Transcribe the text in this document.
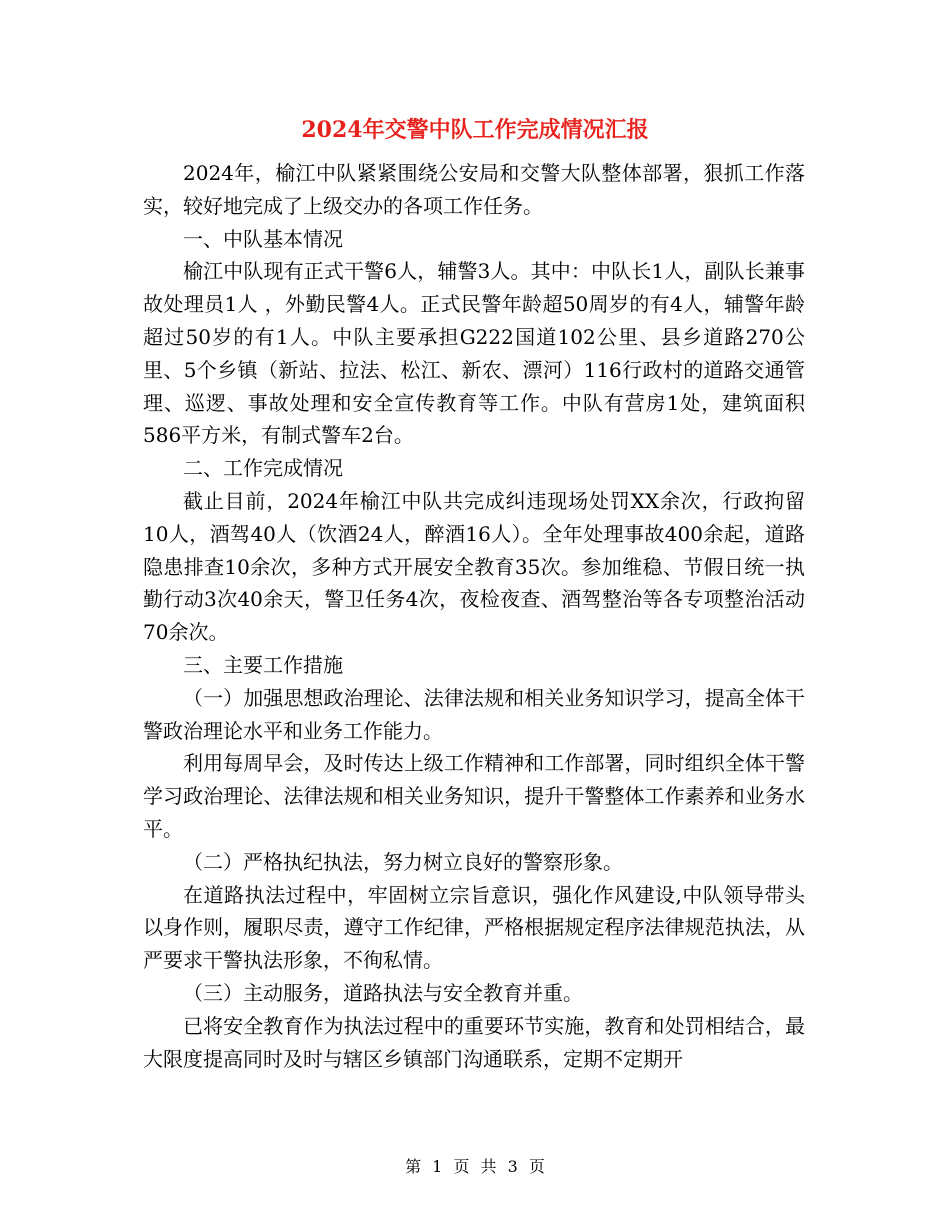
2024年交警中队工作完成情况汇报

2024年，榆江中队紧紧围绕公安局和交警大队整体部署，狠抓工作落实，较好地完成了上级交办的各项工作任务。

一、中队基本情况

榆江中队现有正式干警6人，辅警3人。其中：中队长1人，副队长兼事故处理员1人 ，外勤民警4人。正式民警年龄超50周岁的有4人，辅警年龄超过50岁的有1人。中队主要承担G222国道102公里、县乡道路270公里、5个乡镇（新站、拉法、松江、新农、漂河）116行政村的道路交通管理、巡逻、事故处理和安全宣传教育等工作。中队有营房1处，建筑面积586平方米，有制式警车2台。

二、工作完成情况

截止目前，2024年榆江中队共完成纠违现场处罚XX余次，行政拘留10人，酒驾40人（饮酒24人，醉酒16人）。全年处理事故400余起，道路隐患排查10余次，多种方式开展安全教育35次。参加维稳、节假日统一执勤行动3次40余天，警卫任务4次，夜检夜查、酒驾整治等各专项整治活动70余次。

三、主要工作措施

（一）加强思想政治理论、法律法规和相关业务知识学习，提高全体干警政治理论水平和业务工作能力。

利用每周早会，及时传达上级工作精神和工作部署，同时组织全体干警学习政治理论、法律法规和相关业务知识，提升干警整体工作素养和业务水平。

（二）严格执纪执法，努力树立良好的警察形象。

在道路执法过程中，牢固树立宗旨意识，强化作风建设,中队领导带头以身作则，履职尽责，遵守工作纪律，严格根据规定程序法律规范执法，从严要求干警执法形象，不徇私情。

（三）主动服务，道路执法与安全教育并重。

已将安全教育作为执法过程中的重要环节实施，教育和处罚相结合，最大限度提高同时及时与辖区乡镇部门沟通联系，定期不定期开

第 1 页 共 3 页
